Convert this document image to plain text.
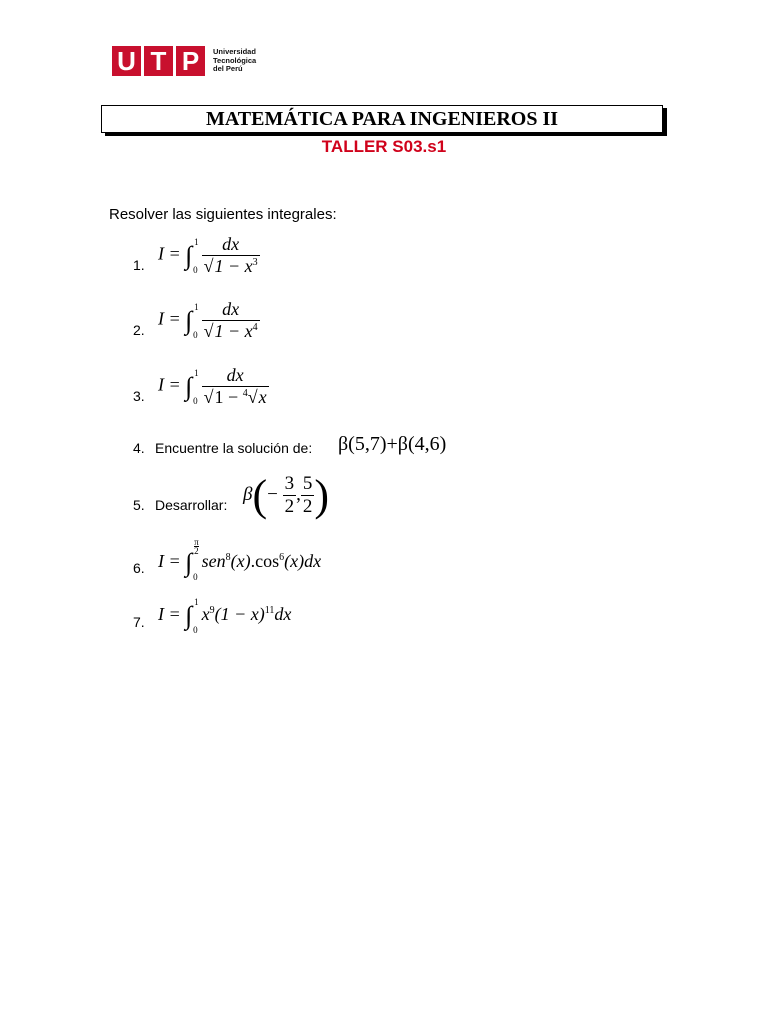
U T P	Universidad
Tecnológica
del Perú
MATEMÁTICA PARA INGENIEROS II
TALLER S03.s1
Resolver las siguientes integrales:
1.
I = ∫ 1
0
$\frac{dx}{√1 - x^3}$
2.
I = ∫ 1
0
$\frac{dx}{√1 - x^4}$
3.
I = ∫ 1
0
$\frac{dx}{√1 - ^4√x}$
4. Encuentre la solución de: β(5,7)+β(4,6)
5. Desarrollar:
$\beta(- \frac{3}{2}$ , $\frac{5}{2}$ )
6. I = ∫
$\frac{\pi}{2}$
0
$sen^8(x).\cos^6(x)dx$
7. I = ∫ 1
0
$x^9(1 - x)^{11}dx$
